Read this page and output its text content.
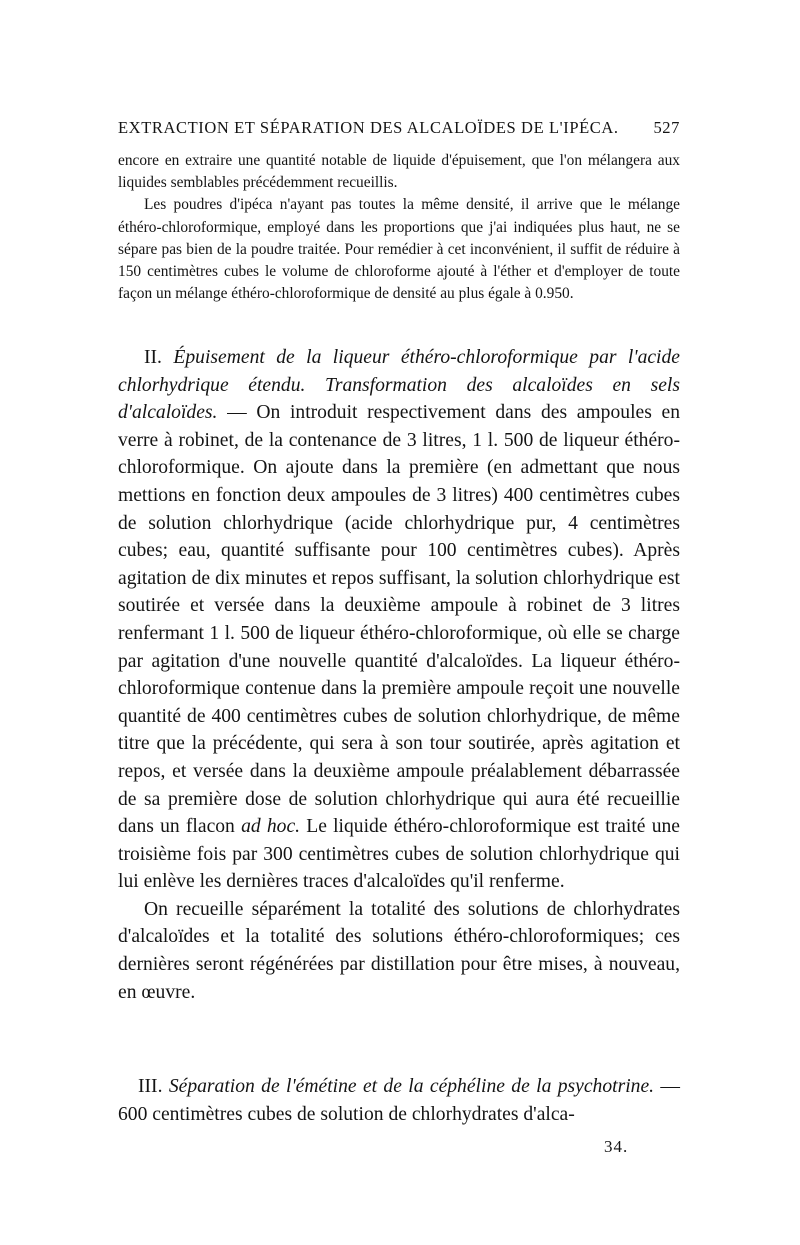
EXTRACTION ET SÉPARATION DES ALCALOÏDES DE L'IPÉCA. 527

encore en extraire une quantité notable de liquide d'épuisement, que l'on mélangera aux liquides semblables précédemment recueillis.

Les poudres d'ipéca n'ayant pas toutes la même densité, il arrive que le mélange éthéro-chloroformique, employé dans les proportions que j'ai indiquées plus haut, ne se sépare pas bien de la poudre traitée. Pour remédier à cet inconvénient, il suffit de réduire à 150 centimètres cubes le volume de chloroforme ajouté à l'éther et d'employer de toute façon un mélange éthéro-chloroformique de densité au plus égale à 0.950.

II. Épuisement de la liqueur éthéro-chloroformique par l'acide chlorhydrique étendu. Transformation des alcaloïdes en sels d'alcaloïdes. — On introduit respectivement dans des ampoules en verre à robinet, de la contenance de 3 litres, 1 l. 500 de liqueur éthéro-chloroformique. On ajoute dans la première (en admettant que nous mettions en fonction deux ampoules de 3 litres) 400 centimètres cubes de solution chlorhydrique (acide chlorhydrique pur, 4 centimètres cubes; eau, quantité suffisante pour 100 centimètres cubes). Après agitation de dix minutes et repos suffisant, la solution chlorhydrique est soutirée et versée dans la deuxième ampoule à robinet de 3 litres renfermant 1 l. 500 de liqueur éthéro-chloroformique, où elle se charge par agitation d'une nouvelle quantité d'alcaloïdes. La liqueur éthéro-chloroformique contenue dans la première ampoule reçoit une nouvelle quantité de 400 centimètres cubes de solution chlorhydrique, de même titre que la précédente, qui sera à son tour soutirée, après agitation et repos, et versée dans la deuxième ampoule préalablement débarrassée de sa première dose de solution chlorhydrique qui aura été recueillie dans un flacon ad hoc. Le liquide éthéro-chloroformique est traité une troisième fois par 300 centimètres cubes de solution chlorhydrique qui lui enlève les dernières traces d'alcaloïdes qu'il renferme.

On recueille séparément la totalité des solutions de chlorhydrates d'alcaloïdes et la totalité des solutions éthéro-chloroformiques; ces dernières seront régénérées par distillation pour être mises, à nouveau, en œuvre.

III. Séparation de l'émétine et de la céphéline de la psychotrine. — 600 centimètres cubes de solution de chlorhydrates d'alca-

34.
